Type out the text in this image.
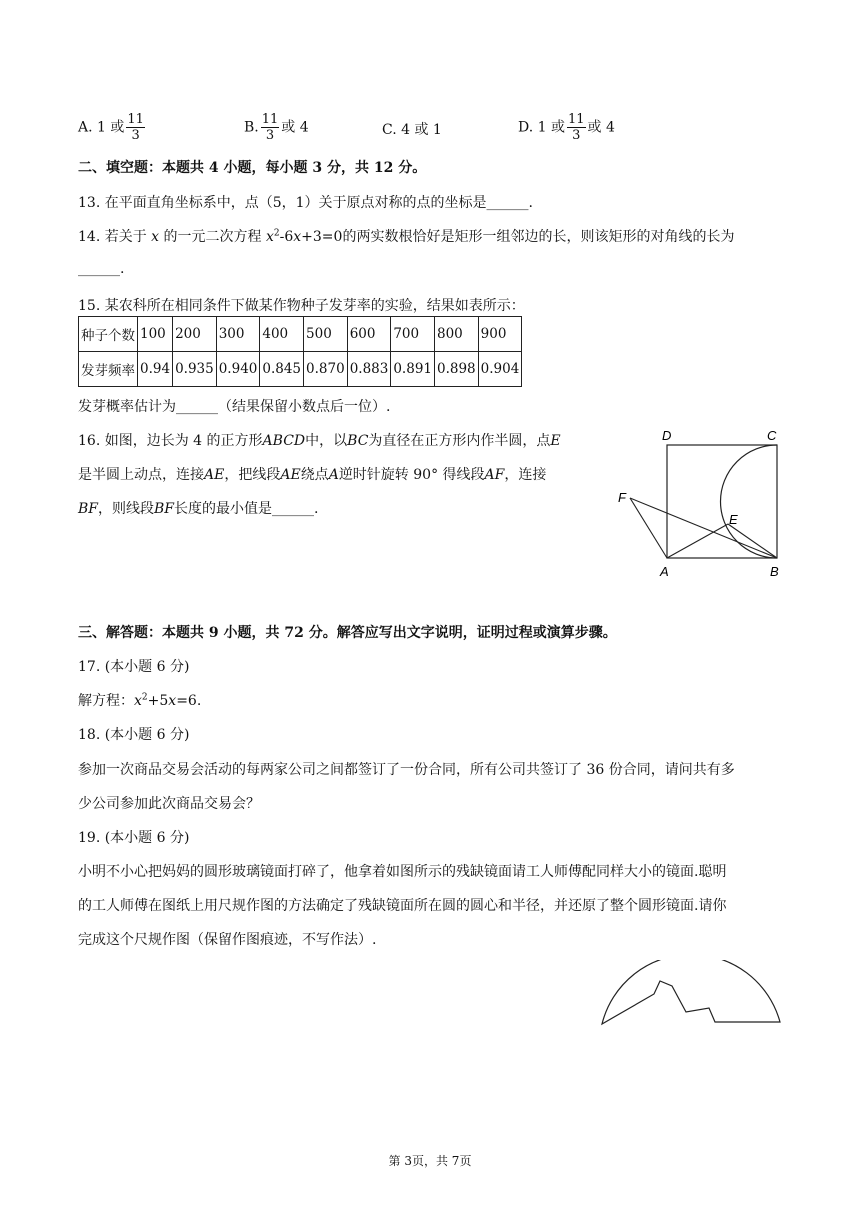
A. 1 或 $\frac{11}{3}$	B. $\frac{11}{3}$ 或 4	C. 4 或 1	D. 1 或 $\frac{11}{3}$ 或 4
二、填空题：本题共 4 小题，每小题 3 分，共 12 分。
13. 在平面直角坐标系中，点（5，1）关于原点对称的点的坐标是______.
14. 若关于 x 的一元二次方程 $x^2-6x+3=0$的两实数根恰好是矩形一组邻边的长，则该矩形的对角线的长为
______.
15. 某农科所在相同条件下做某作物种子发芽率的实验，结果如表所示：
种子个数	100	200	300	400	500	600	700	800	900
发芽频率	0.94	0.935	0.940	0.845	0.870	0.883	0.891	0.898	0.904
发芽概率估计为______（结果保留小数点后一位）.
16. 如图，边长为 4 的正方形ABCD中，以BC为直径在正方形内作半圆，点E
是半圆上动点，连接AE，把线段AE绕点A逆时针旋转 90° 得线段AF，连接
BF，则线段BF长度的最小值是______.
D	C
F
E
A	B
三、解答题：本题共 9 小题，共 72 分。解答应写出文字说明，证明过程或演算步骤。
17. (本小题 6 分)
解方程：$x^2+5x=6$.
18. (本小题 6 分)
参加一次商品交易会活动的每两家公司之间都签订了一份合同，所有公司共签订了 36 份合同，请问共有多
少公司参加此次商品交易会？
19. (本小题 6 分)
小明不小心把妈妈的圆形玻璃镜面打碎了，他拿着如图所示的残缺镜面请工人师傅配同样大小的镜面.聪明
的工人师傅在图纸上用尺规作图的方法确定了残缺镜面所在圆的圆心和半径，并还原了整个圆形镜面.请你
完成这个尺规作图（保留作图痕迹，不写作法）.
第 3页，共 7页
